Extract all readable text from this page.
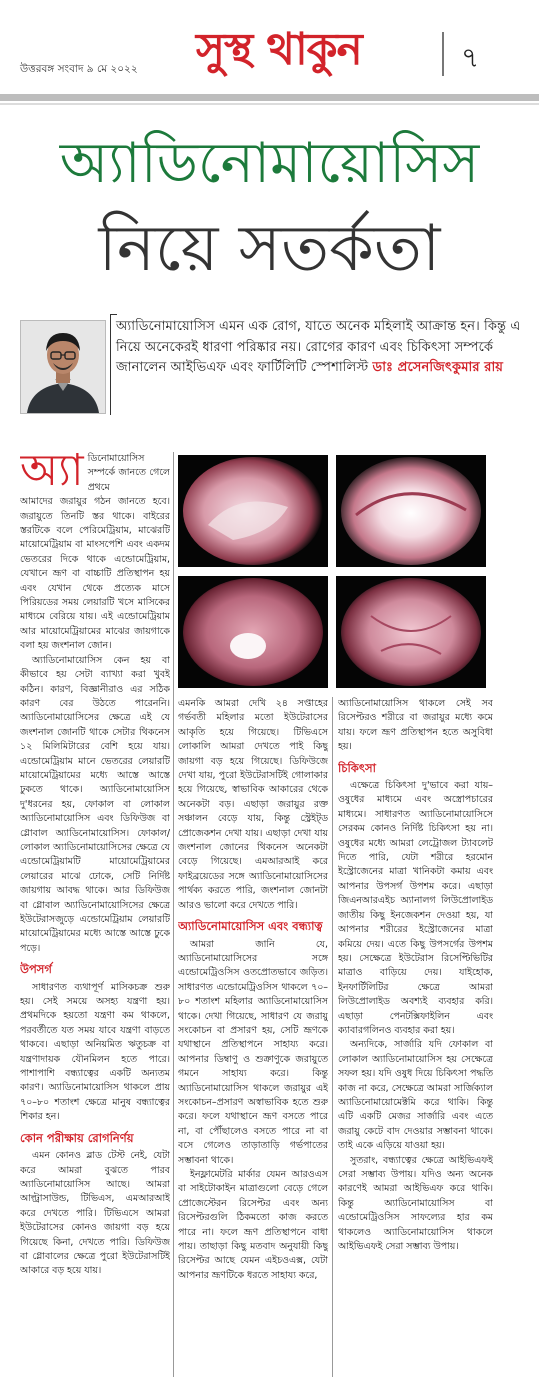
উত্তরবঙ্গ সংবাদ ৯ মে ২০২২ সুস্থ থাকুন	৭
অ্যাডিনোমায়োসিস
নিয়ে সতর্কতা
অ্যাডিনোমায়োসিস এমন এক রোগ, যাতে অনেক মহিলাই আক্রান্ত হন। কিন্তু এ নিয়ে অনেকেরই ধারণা পরিষ্কার নয়। রোগের কারণ এবং চিকিৎসা সম্পর্কে জানালেন আইভিএফ এবং ফার্টিলিটি স্পেশালিস্ট ডাঃ প্রসেনজিৎকুমার রায়
অ্যা ডিনোমায়োসিস সম্পর্কে জানতে গেলে প্রথমে

আমাদের জরায়ুর গঠন জানতে হবে। জরায়ুতে তিনটি স্তর থাকে। বাইরের স্তরটিকে বলে পেরিমেট্রিয়াম, মাঝেরটি মায়োমেট্রিয়াম বা মাংসপেশি এবং একদম ভেতরের দিকে থাকে এন্ডোমেট্রিয়াম, যেখানে ভ্রূণ বা বাচ্চাটি প্রতিস্থাপন হয় এবং যেখান থেকে প্রত্যেক মাসে পিরিয়ডের সময় লেয়ারটি খসে মাসিকের মাধ্যমে বেরিয়ে যায়। এই এন্ডোমেট্রিয়াম আর মায়োমেট্রিয়ামের মাঝের জায়গাকে বলা হয় জংশনাল জোন।

অ্যাডিনোমায়োসিস কেন হয় বা কীভাবে হয় সেটা ব্যাখ্যা করা খুবই কঠিন। কারণ, বিজ্ঞানীরাও এর সঠিক কারণ বের উঠতে পারেননি। অ্যাডিনোমায়োসিসের ক্ষেত্রে এই যে জংশনাল জোনটি থাকে সেটার থিকনেস ১২ মিলিমিটারের বেশি হয়ে যায়। এন্ডোমেট্রিয়াম মানে ভেতরের লেয়ারটি মায়োমেট্রিয়ামের মধ্যে আস্তে আস্তে ঢুকতে থাকে। অ্যাডিনোমায়োসিস দু'ধরনের হয়, ফোকাল বা লোকাল অ্যাডিনোমায়োসিস এবং ডিফিউজ বা গ্লোবাল অ্যাডিনোমায়োসিস। ফোকাল/লোকাল অ্যাডিনোমায়োসিসের ক্ষেত্রে যে এন্ডোমেট্রিয়ামটি মায়োমেট্রিয়ামের লেয়ারের মাঝে ঢোকে, সেটি নির্দিষ্ট জায়গায় আবদ্ধ থাকে। আর ডিফিউজ বা গ্লোবাল অ্যাডিনোমায়োসিসের ক্ষেত্রে ইউটেরাসজুড়ে এন্ডোমেট্রিয়াম লেয়ারটি মায়োমেট্রিয়ামের মধ্যে আস্তে আস্তে ঢুকে পড়ে।

উপসর্গ

সাধারণত ব্যথাপূর্ণ মাসিকচক্র শুরু হয়। সেই সময়ে অসহ্য যন্ত্রণা হয়। প্রথমদিকে হয়তো যন্ত্রণা কম থাকলে, পরবর্তীতে যত সময় যাবে যন্ত্রণা বাড়তে থাকবে। এছাড়া অনিয়মিত ঋতুচক্র বা যন্ত্রণাদায়ক যৌনমিলন হতে পারে। পাশাপাশি বন্ধ্যাত্বের একটি অন্যতম কারণ। অ্যাডিনোমায়োসিস থাকলে প্রায় ৭০–৮০ শতাংশ ক্ষেত্রে মানুষ বন্ধ্যাত্বের শিকার হন।

কোন পরীক্ষায় রোগনির্ণয়

এমন কোনও ব্লাড টেস্ট নেই, যেটা করে আমরা বুঝতে পারব অ্যাডিনোমায়োসিস আছে। আমরা আল্ট্রাসাউন্ড, টিভিএস, এমআরআই করে দেখতে পারি। টিভিএসে আমরা ইউটেরাসের কোনও জায়গা বড় হয়ে গিয়েছে কিনা, দেখতে পারি। ডিফিউজ বা গ্লোবালের ক্ষেত্রে পুরো ইউটেরাসটিই আকারে বড় হয়ে যায়।

এমনকি আমরা দেখি ২৪ সপ্তাহের গর্ভবতী মহিলার মতো ইউটেরাসের আকৃতি হয়ে গিয়েছে। টিভিএসে লোকালি আমরা দেখতে পাই কিছু জায়গা বড় হয়ে গিয়েছে। ডিফিউজে দেখা যায়, পুরো ইউটেরাসটিই গোলাকার হয়ে গিয়েছে, স্বাভাবিক আকারের থেকে অনেকটা বড়। এছাড়া জরায়ুর রক্ত সঞ্চালন বেড়ে যায়, কিন্তু স্ট্রেইট্‌ড প্রোজেকশন দেখা যায়। এছাড়া দেখা যায় জংশনাল জোনের থিকনেস অনেকটা বেড়ে গিয়েছে। এমআরআই করে ফাইব্রয়েডের সঙ্গে অ্যাডিনোমায়োসিসের পার্থক্য করতে পারি, জংশনাল জোনটা আরও ভালো করে দেখতে পারি।

অ্যাডিনোমায়োসিস এবং বন্ধ্যাত্ব

আমরা জানি যে, অ্যাডিনোমায়োসিসের সঙ্গে এন্ডোমেট্রিওসিস ওতপ্রোতভাবে জড়িত। সাধারণত এন্ডোমেট্রিওসিস থাকলে ৭০–৮০ শতাংশ মহিলার অ্যাডিনোমায়োসিস থাকে। দেখা গিয়েছে, সাধারণ যে জরায়ু সংকোচন বা প্রসারণ হয়, সেটি ভ্রূণকে যথাস্থানে প্রতিস্থাপনে সাহায্য করে। আপনার ডিম্বাণু ও শুক্রাণুকে জরায়ুতে গমনে সাহায্য করে। কিন্তু অ্যাডিনোমায়োসিস থাকলে জরায়ুর এই সংকোচন–প্রসারণ অস্বাভাবিক হতে শুরু করে। ফলে যথাস্থানে ভ্রূণ বসতে পারে না, বা পৌঁছালেও বসতে পারে না বা বসে গেলেও তাড়াতাড়ি গর্ভপাতের সম্ভাবনা থাকে।

ইনফ্লামেটরি মার্কার যেমন আরওএস বা সাইটোকাইন মাত্রাগুলো বেড়ে গেলে প্রোজেস্টেরন রিসেপ্টর এবং অন্য রিসেপ্টরগুলি ঠিকমতো কাজ করতে পারে না। ফলে ভ্রূণ প্রতিস্থাপনে বাধা পায়। তাছাড়া কিছু মতবাদ অনুযায়ী কিছু রিসেপ্টর আছে যেমন এইচওএক্স, যেটা আপনার ভ্রূণটিকে ধরতে সাহায্য করে,

অ্যাডিনোমায়োসিস থাকলে সেই সব রিসেপ্টরও শরীরে বা জরায়ুর মধ্যে কমে যায়। ফলে ভ্রূণ প্রতিস্থাপন হতে অসুবিধা হয়।

চিকিৎসা

এক্ষেত্রে চিকিৎসা দু'ভাবে করা যায়– ওষুধের মাধ্যমে এবং অস্ত্রোপচারের মাধ্যমে। সাধারণত অ্যাডিনোমায়োসিসে সেরকম কোনও নির্দিষ্ট চিকিৎসা হয় না। ওষুধের মধ্যে আমরা লেট্রোজল ট্যাবলেট দিতে পারি, যেটা শরীরে হরমোন ইস্ট্রোজেনের মাত্রা খানিকটা কমায় এবং আপনার উপসর্গ উপশম করে। এছাড়া জিএনআরএইচ অ্যানালগ লিউপ্রোলাইড জাতীয় কিছু ইনজেকশন দেওয়া হয়, যা আপনার শরীরের ইস্ট্রোজেনের মাত্রা কমিয়ে দেয়। এতে কিছু উপসর্গের উপশম হয়। সেক্ষেত্রে ইউটেরাস রিসেপ্টিভিটির মাত্রাও বাড়িয়ে দেয়। যাইহোক, ইনফার্টিলিটির ক্ষেত্রে আমরা লিউপ্রোলাইড অবশ্যই ব্যবহার করি। এছাড়া পেনটক্সিফাইলিন এবং ক্যাবারগলিনও ব্যবহার করা হয়।

অন্যদিকে, সার্জারি যদি ফোকাল বা লোকাল অ্যাডিনোমায়োসিস হয় সেক্ষেত্রে সফল হয়। যদি ওষুধ দিয়ে চিকিৎসা পদ্ধতি কাজ না করে, সেক্ষেত্রে আমরা সার্জিক্যাল অ্যাডিনোমায়োমেক্টমি করে থাকি। কিন্তু এটি একটি মেজর সার্জারি এবং এতে জরায়ু কেটে বাদ দেওয়ার সম্ভাবনা থাকে। তাই একে এড়িয়ে যাওয়া হয়।

সুতরাং, বন্ধ্যাত্বের ক্ষেত্রে আইভিএফই সেরা সম্ভাব্য উপায়। যদিও অন্য অনেক কারণেই আমরা আইভিএফ করে থাকি। কিন্তু অ্যাডিনোমায়োসিস বা এন্ডোমেট্রিওসিস সাফল্যের হার কম থাকলেও অ্যাডিনোমায়োসিস থাকলে আইভিএফই সেরা সম্ভাব্য উপায়।
